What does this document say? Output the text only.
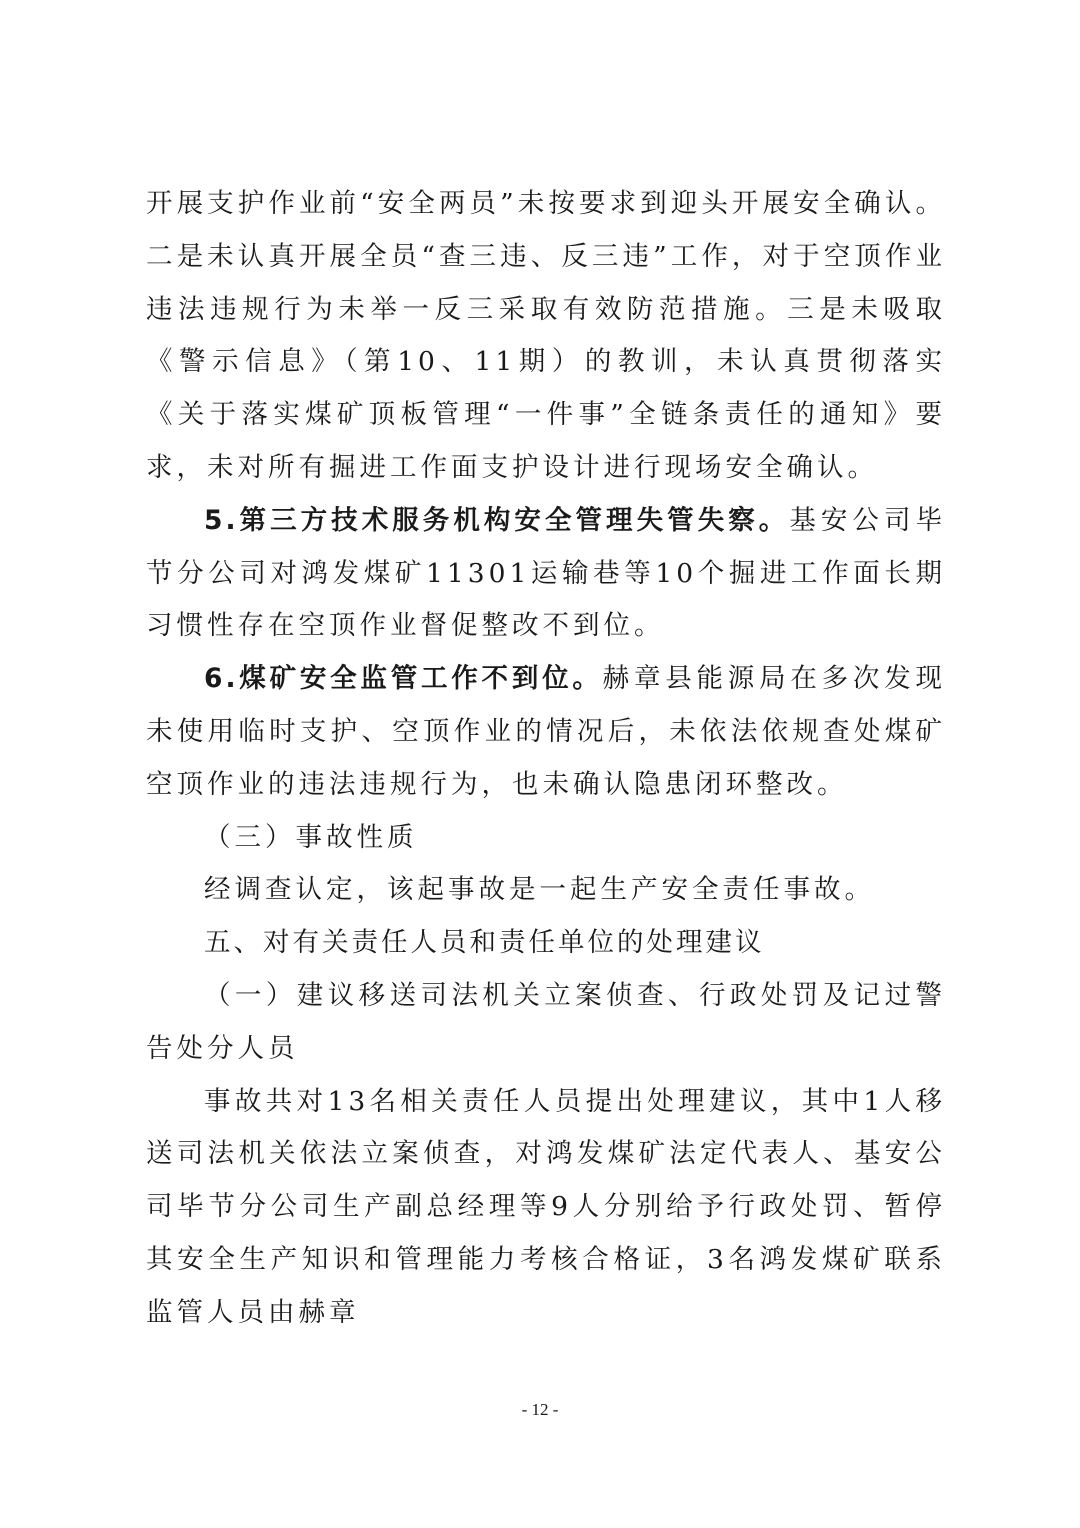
开展支护作业前“安全两员”未按要求到迎头开展安全确认。二是未认真开展全员“查三违、反三违”工作，对于空顶作业违法违规行为未举一反三采取有效防范措施。三是未吸取《警示信息》（第10、11期）的教训，未认真贯彻落实《关于落实煤矿顶板管理“一件事”全链条责任的通知》要求，未对所有掘进工作面支护设计进行现场安全确认。

5.第三方技术服务机构安全管理失管失察。基安公司毕节分公司对鸿发煤矿11301运输巷等10个掘进工作面长期习惯性存在空顶作业督促整改不到位。

6.煤矿安全监管工作不到位。赫章县能源局在多次发现未使用临时支护、空顶作业的情况后，未依法依规查处煤矿空顶作业的违法违规行为，也未确认隐患闭环整改。

（三）事故性质

经调查认定，该起事故是一起生产安全责任事故。

五、对有关责任人员和责任单位的处理建议

（一）建议移送司法机关立案侦查、行政处罚及记过警告处分人员

事故共对13名相关责任人员提出处理建议，其中1人移送司法机关依法立案侦查，对鸿发煤矿法定代表人、基安公司毕节分公司生产副总经理等9人分别给予行政处罚、暂停其安全生产知识和管理能力考核合格证，3名鸿发煤矿联系监管人员由赫章

- 12 -
